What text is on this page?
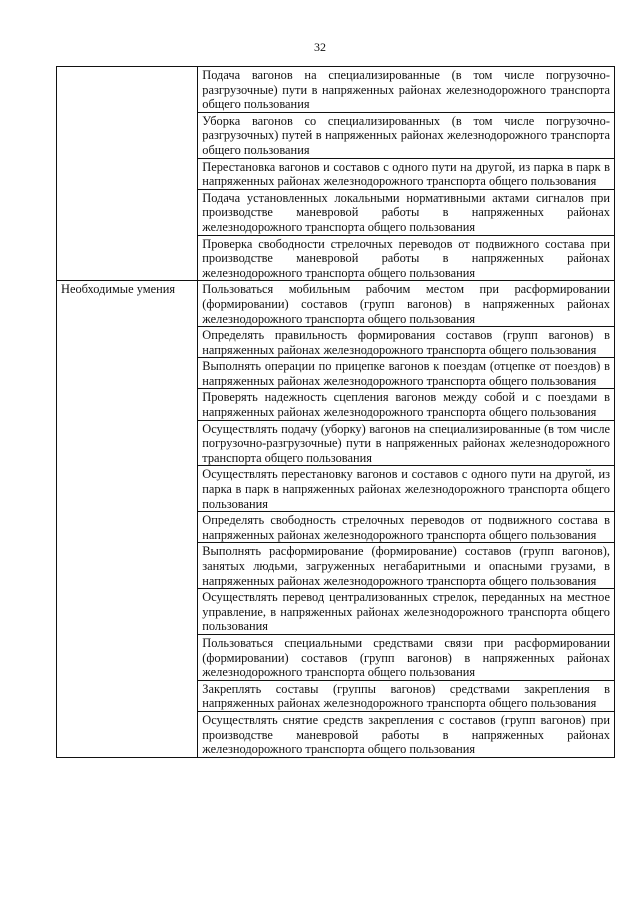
32
	Подача вагонов на специализированные (в том числе погрузочно-разгрузочные) пути в напряженных районах железнодорожного транспорта общего пользования
	Уборка вагонов со специализированных (в том числе погрузочно-разгрузочных) путей в напряженных районах железнодорожного транспорта общего пользования
	Перестановка вагонов и составов с одного пути на другой, из парка в парк в напряженных районах железнодорожного транспорта общего пользования
	Подача установленных локальными нормативными актами сигналов при производстве маневровой работы в напряженных районах железнодорожного транспорта общего пользования
	Проверка свободности стрелочных переводов от подвижного состава при производстве маневровой работы в напряженных районах железнодорожного транспорта общего пользования
Необходимые умения	Пользоваться мобильным рабочим местом при расформировании (формировании) составов (групп вагонов) в напряженных районах железнодорожного транспорта общего пользования
	Определять правильность формирования составов (групп вагонов) в напряженных районах железнодорожного транспорта общего пользования
	Выполнять операции по прицепке вагонов к поездам (отцепке от поездов) в напряженных районах железнодорожного транспорта общего пользования
	Проверять надежность сцепления вагонов между собой и с поездами в напряженных районах железнодорожного транспорта общего пользования
	Осуществлять подачу (уборку) вагонов на специализированные (в том числе погрузочно-разгрузочные) пути в напряженных районах железнодорожного транспорта общего пользования
	Осуществлять перестановку вагонов и составов с одного пути на другой, из парка в парк в напряженных районах железнодорожного транспорта общего пользования
	Определять свободность стрелочных переводов от подвижного состава в напряженных районах железнодорожного транспорта общего пользования
	Выполнять расформирование (формирование) составов (групп вагонов), занятых людьми, загруженных негабаритными и опасными грузами, в напряженных районах железнодорожного транспорта общего пользования
	Осуществлять перевод централизованных стрелок, переданных на местное управление, в напряженных районах железнодорожного транспорта общего пользования
	Пользоваться специальными средствами связи при расформировании (формировании) составов (групп вагонов) в напряженных районах железнодорожного транспорта общего пользования
	Закреплять составы (группы вагонов) средствами закрепления в напряженных районах железнодорожного транспорта общего пользования
	Осуществлять снятие средств закрепления с составов (групп вагонов) при производстве маневровой работы в напряженных районах железнодорожного транспорта общего пользования
